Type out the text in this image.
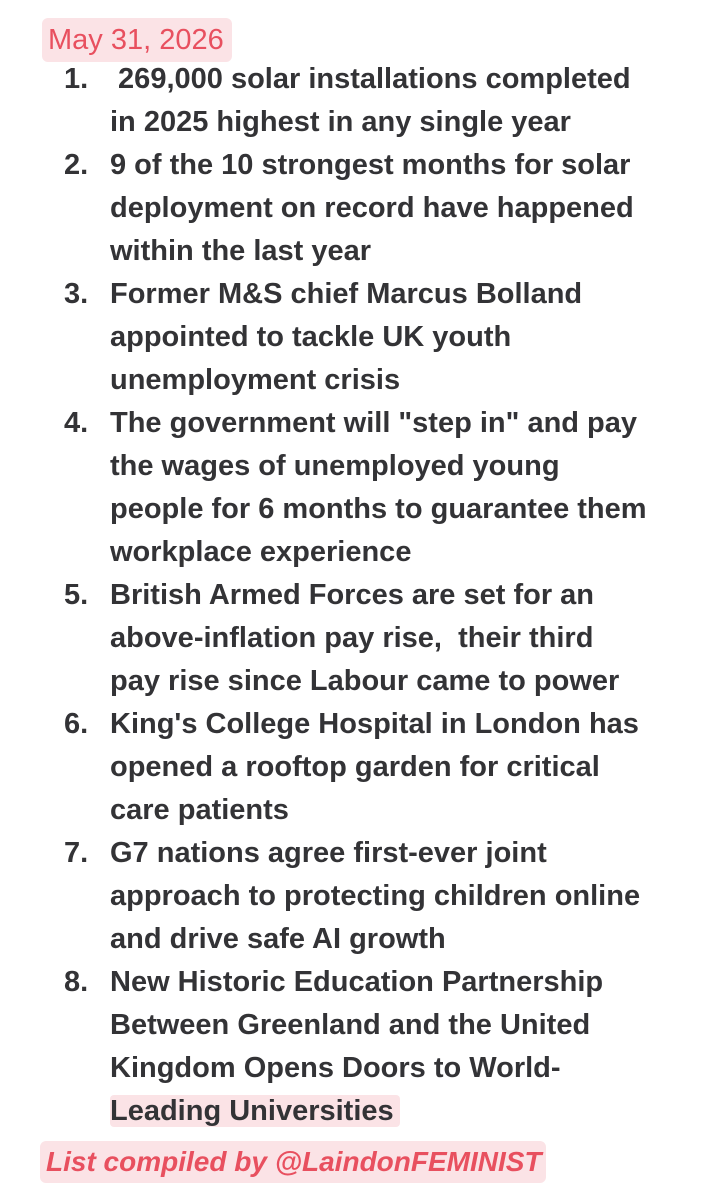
May 31, 2026
1. 269,000 solar installations completed
in 2025 highest in any single year
2. 9 of the 10 strongest months for solar
deployment on record have happened
within the last year
3. Former M&S chief Marcus Bolland
appointed to tackle UK youth
unemployment crisis
4. The government will "step in" and pay
the wages of unemployed young
people for 6 months to guarantee them
workplace experience
5. British Armed Forces are set for an
above-inflation pay rise,  their third
pay rise since Labour came to power
6. King's College Hospital in London has
opened a rooftop garden for critical
care patients
7. G7 nations agree first-ever joint
approach to protecting children online
and drive safe AI growth
8. New Historic Education Partnership
Between Greenland and the United
Kingdom Opens Doors to World-
Leading Universities
List compiled by @LaindonFEMINIST
